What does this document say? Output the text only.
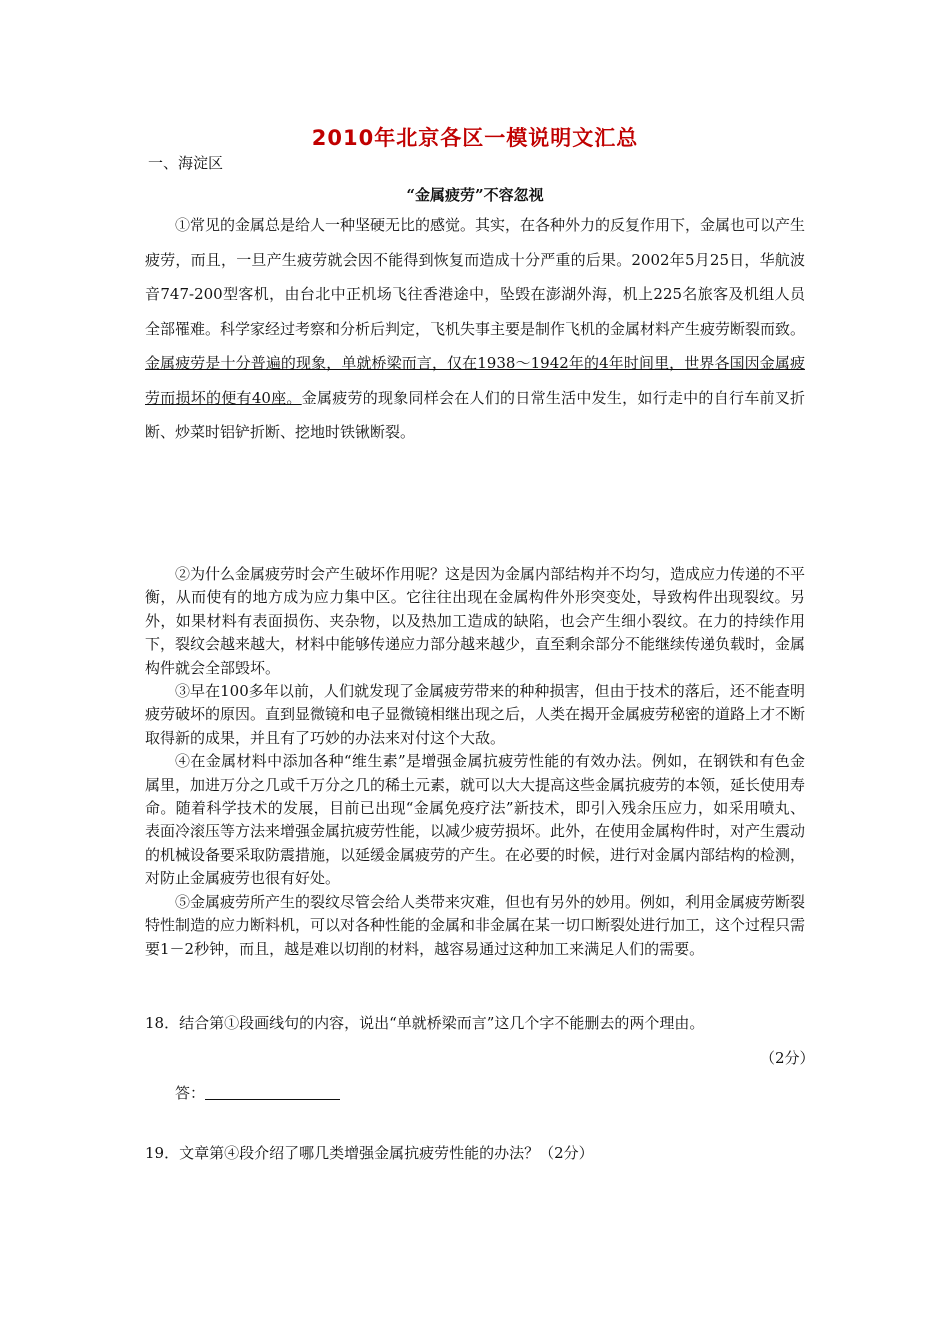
2010年北京各区一模说明文汇总
一、海淀区
“金属疲劳”不容忽视
①常见的金属总是给人一种坚硬无比的感觉。其实，在各种外力的反复作用下，金属也可以产生疲劳，而且，一旦产生疲劳就会因不能得到恢复而造成十分严重的后果。2002年5月25日，华航波音747-200型客机，由台北中正机场飞往香港途中，坠毁在澎湖外海，机上225名旅客及机组人员全部罹难。科学家经过考察和分析后判定，飞机失事主要是制作飞机的金属材料产生疲劳断裂而致。金属疲劳是十分普遍的现象，单就桥梁而言，仅在1938～1942年的4年时间里，世界各国因金属疲劳而损坏的便有40座。金属疲劳的现象同样会在人们的日常生活中发生，如行走中的自行车前叉折断、炒菜时铝铲折断、挖地时铁锹断裂。

②为什么金属疲劳时会产生破坏作用呢？这是因为金属内部结构并不均匀，造成应力传递的不平衡，从而使有的地方成为应力集中区。它往往出现在金属构件外形突变处，导致构件出现裂纹。另外，如果材料有表面损伤、夹杂物，以及热加工造成的缺陷，也会产生细小裂纹。在力的持续作用下，裂纹会越来越大，材料中能够传递应力部分越来越少，直至剩余部分不能继续传递负载时，金属构件就会全部毁坏。

③早在100多年以前，人们就发现了金属疲劳带来的种种损害，但由于技术的落后，还不能查明疲劳破坏的原因。直到显微镜和电子显微镜相继出现之后，人类在揭开金属疲劳秘密的道路上才不断取得新的成果，并且有了巧妙的办法来对付这个大敌。

④在金属材料中添加各种“维生素”是增强金属抗疲劳性能的有效办法。例如，在钢铁和有色金属里，加进万分之几或千万分之几的稀土元素，就可以大大提高这些金属抗疲劳的本领，延长使用寿命。随着科学技术的发展，目前已出现“金属免疫疗法”新技术，即引入残余压应力，如采用喷丸、表面冷滚压等方法来增强金属抗疲劳性能，以减少疲劳损坏。此外，在使用金属构件时，对产生震动的机械设备要采取防震措施，以延缓金属疲劳的产生。在必要的时候，进行对金属内部结构的检测，对防止金属疲劳也很有好处。

⑤金属疲劳所产生的裂纹尽管会给人类带来灾难，但也有另外的妙用。例如，利用金属疲劳断裂特性制造的应力断料机，可以对各种性能的金属和非金属在某一切口断裂处进行加工，这个过程只需要1－2秒钟，而且，越是难以切削的材料，越容易通过这种加工来满足人们的需要。

18．结合第①段画线句的内容，说出“单就桥梁而言”这几个字不能删去的两个理由。
（2分）
答：
19．文章第④段介绍了哪几类增强金属抗疲劳性能的办法？（2分）
